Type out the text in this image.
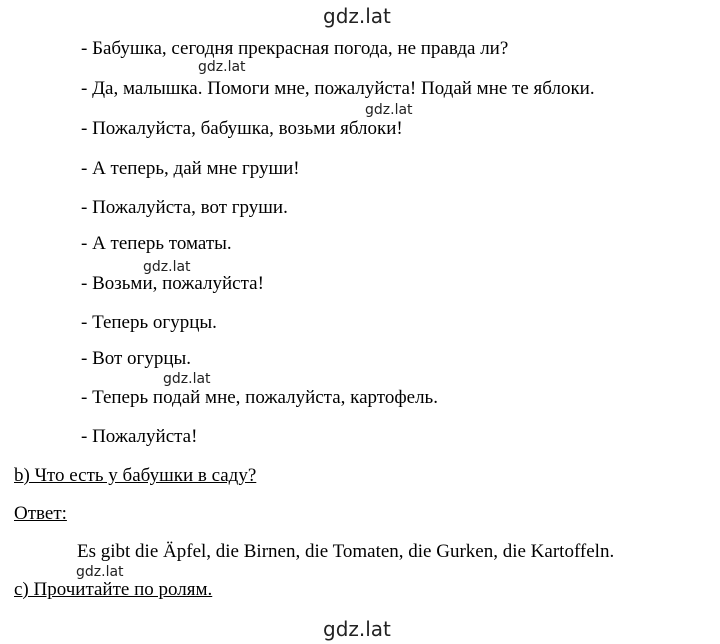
gdz.lat
- Бабушка, сегодня прекрасная погода, не правда ли?
gdz.lat
- Да, малышка. Помоги мне, пожалуйста! Подай мне те яблоки.
gdz.lat
- Пожалуйста, бабушка, возьми яблоки!
- А теперь, дай мне груши!
- Пожалуйста, вот груши.
- А теперь томаты.
gdz.lat
- Возьми, пожалуйста!
- Теперь огурцы.
- Вот огурцы.
gdz.lat
- Теперь подай мне, пожалуйста, картофель.
- Пожалуйста!
b) Что есть у бабушки в саду?
Ответ:
Es gibt die Äpfel, die Birnen, die Tomaten, die Gurken, die Kartoffeln.
gdz.lat
c) Прочитайте по ролям.
gdz.lat
